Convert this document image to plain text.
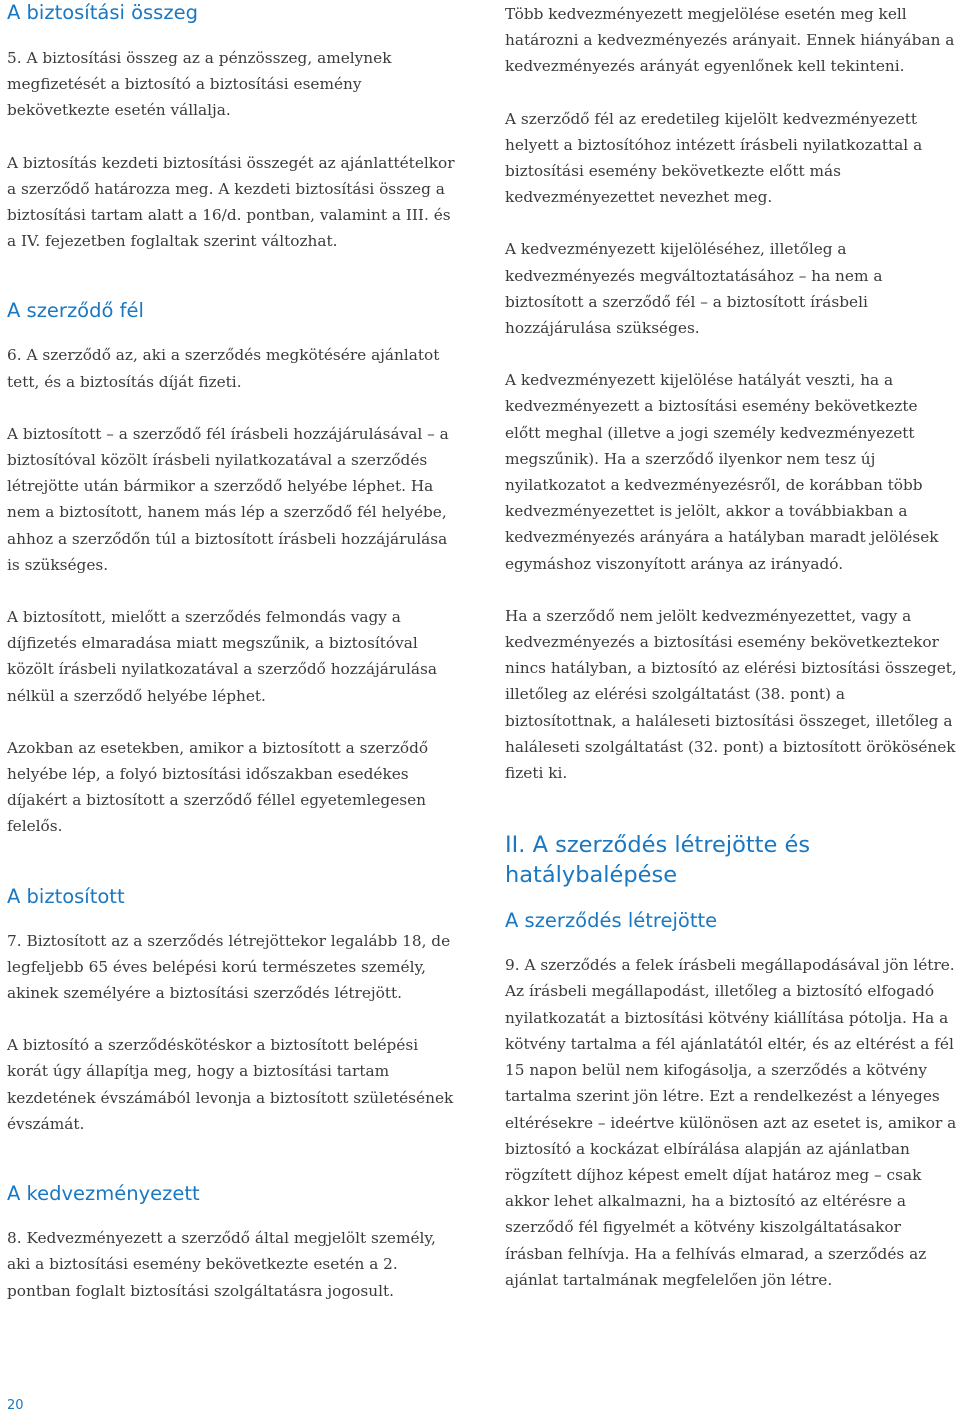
A biztosítási összeg

5. A biztosítási összeg az a pénzösszeg, amelynek megfizetését a biztosító a biztosítási esemény bekövetkezte esetén vállalja.

A biztosítás kezdeti biztosítási összegét az ajánlattételkor a szerződő határozza meg. A kezdeti biztosítási összeg a biztosítási tartam alatt a 16/d. pontban, valamint a III. és a IV. fejezetben foglaltak szerint változhat.

A szerződő fél

6. A szerződő az, aki a szerződés megkötésére ajánlatot tett, és a biztosítás díját fizeti.

A biztosított – a szerződő fél írásbeli hozzájárulásával – a biztosítóval közölt írásbeli nyilatkozatával a szerződés létrejötte után bármikor a szerződő helyébe léphet. Ha nem a biztosított, hanem más lép a szerződő fél helyébe, ahhoz a szerződőn túl a biztosított írásbeli hozzájárulása is szükséges.

A biztosított, mielőtt a szerződés felmondás vagy a díjfizetés elmaradása miatt megszűnik, a biztosítóval közölt írásbeli nyilatkozatával a szerződő hozzájárulása nélkül a szerződő helyébe léphet.

Azokban az esetekben, amikor a biztosított a szerződő helyébe lép, a folyó biztosítási időszakban esedékes díjakért a biztosított a szerződő féllel egyetemlegesen felelős.

A biztosított

7. Biztosított az a szerződés létrejöttekor legalább 18, de legfeljebb 65 éves belépési korú természetes személy, akinek személyére a biztosítási szerződés létrejött.

A biztosító a szerződéskötéskor a biztosított belépési korát úgy állapítja meg, hogy a biztosítási tartam kezdetének évszámából levonja a biztosított születésének évszámát.

A kedvezményezett

8. Kedvezményezett a szerződő által megjelölt személy, aki a biztosítási esemény bekövetkezte esetén a 2. pontban foglalt biztosítási szolgáltatásra jogosult.

Több kedvezményezett megjelölése esetén meg kell határozni a kedvezményezés arányait. Ennek hiányában a kedvezményezés arányát egyenlőnek kell tekinteni.

A szerződő fél az eredetileg kijelölt kedvezményezett helyett a biztosítóhoz intézett írásbeli nyilatkozattal a biztosítási esemény bekövetkezte előtt más kedvezményezettet nevezhet meg.

A kedvezményezett kijelöléséhez, illetőleg a kedvezményezés megváltoztatásához – ha nem a biztosított a szerződő fél – a biztosított írásbeli hozzájárulása szükséges.

A kedvezményezett kijelölése hatályát veszti, ha a kedvezményezett a biztosítási esemény bekövetkezte előtt meghal (illetve a jogi személy kedvezményezett megszűnik). Ha a szerződő ilyenkor nem tesz új nyilatkozatot a kedvezményezésről, de korábban több kedvezményezettet is jelölt, akkor a továbbiakban a kedvezményezés arányára a hatályban maradt jelölések egymáshoz viszonyított aránya az irányadó.

Ha a szerződő nem jelölt kedvezményezettet, vagy a kedvezményezés a biztosítási esemény bekövetkeztekor nincs hatályban, a biztosító az elérési biztosítási összeget, illetőleg az elérési szolgáltatást (38. pont) a biztosítottnak, a haláleseti biztosítási összeget, illetőleg a haláleseti szolgáltatást (32. pont) a biztosított örökösének fizeti ki.

II. A szerződés létrejötte és hatálybalépése
A szerződés létrejötte

9. A szerződés a felek írásbeli megállapodásával jön létre. Az írásbeli megállapodást, illetőleg a biztosító elfogadó nyilatkozatát a biztosítási kötvény kiállítása pótolja. Ha a kötvény tartalma a fél ajánlatától eltér, és az eltérést a fél 15 napon belül nem kifogásolja, a szerződés a kötvény tartalma szerint jön létre. Ezt a rendelkezést a lényeges eltérésekre – ideértve különösen azt az esetet is, amikor a biztosító a kockázat elbírálása alapján az ajánlatban rögzített díjhoz képest emelt díjat határoz meg – csak akkor lehet alkalmazni, ha a biztosító az eltérésre a szerződő fél figyelmét a kötvény kiszolgáltatásakor írásban felhívja. Ha a felhívás elmarad, a szerződés az ajánlat tartalmának megfelelően jön létre.

20
